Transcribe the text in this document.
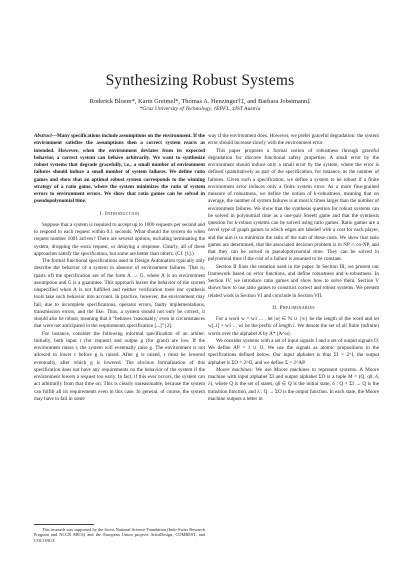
Synthesizing Robust Systems
Roderick Bloem*, Karin Greimel*, Thomas A. Henzinger†‡, and Barbara Jobstmann‡
*Graz University of Technology, †EPFL, ‡IST Austria

Abstract—Many specifications include assumptions on the environment. If the environment satisfies the assumptions then a correct system reacts as intended. However, when the environment deviates from its expected behavior, a correct system can behave arbitrarily. We want to synthesize robust systems that degrade gracefully, i.e., a small number of environment failures should induce a small number of system failures. We define ratio games and show that an optimal robust system corresponds to the winning strategy of a ratio game, where the system minimizes the ratio of system errors to environment errors. We show that ratio games can be solved in pseudopolynomial time.

I. Introduction

Suppose that a system is required to accept up to 1000 requests per second and to respond to each request within 0.1 seconds. What should the system do when request number 1001 arrives? There are several options, including terminating the system, dropping the extra request, or delaying a response. Clearly, all of these approaches satisfy the specification, but some are better than others. (Cf. [1].)

The formal functional specifications used in Design Automation typically only describe the behavior of a system in absence of environment failures. That is, (parts of) the specification are of the form A → G, where A is an environment assumption and G is a guarantee. This approach leaves the behavior of the system unspecified when A is not fulfilled and neither verification tools nor synthesis tools take such behavior into account. In practice, however, the environment may fail, due to incomplete specifications, operator errors, faulty implementations, transmission errors, and the like. Thus, a system should not only be correct, it should also be robust, meaning that it "behaves 'reasonably,' even in circumstances that were not anticipated in the requirements specification [...]" [2].

For instance, consider the following informal specification of an arbiter. Initially, both input r (for request) and output g (for grant) are low. If the environment raises r, the system will eventually raise g. The environment is not allowed to lower r before g is raised. After g is raised, r must be lowered eventually, after which g is lowered. The obvious formalization of this specification does not have any requirements on the behavior of the system if the environment lowers a request too early. In fact, if this ever occurs, the system can act arbitrarily from that time on. This is clearly unreasonable, because the system can fulfill all its requirements even in this case. In general, of course, the system may have to fail in some

This research was supported by the Swiss National Science Foundation (Indo-Swiss Research Program and NCCR MICS) and the European Union projects ArtistDesign, COMBEST, and COCONUT.

way if the environment does. However, we prefer graceful degradation: the system error should increase slowly with the environment error.

This paper proposes a formal notion of robustness through graceful degradation for discrete functional safety properties: A small error by the environment should induce only a small error by the system, where the error is defined quantitatively as part of the specification, for instance, as the number of failures. Given such a specification, we define a system to be robust if a finite environment error induces only a finite system error. As a more fine-grained measure of robustness, we define the notion of k-robustness, meaning that on average, the number of system failures is at most k times larger than the number of environment failures. We show that the synthesis question for robust systems can be solved in polynomial time as a one-pair Streett game and that the synthesis question for k-robust systems can be solved using ratio games. Ratio games are a novel type of graph games in which edges are labeled with a cost for each player, and the aim is to minimize the ratio of the sum of these costs. We show that ratio games are determined, that the associated decision problem is in NP ∩ co-NP, and that they can be solved in pseudopolynomial time. They can be solved in polynomial time if the cost of a failure is assumed to be constant.

Section II fixes the notation used in the paper. In Section III, we present our framework based on error functions, and define robustness and k-robustness. In Section IV, we introduce ratio games and show how to solve them. Section V shows how to use ratio games to construct correct and robust systems. We present related work in Section VI and conclude in Section VII.

II. Preliminaries

For a word w = w1 ... , let |w| ∈ ℕ ∪ {∞} be the length of the word and let w[..i] = w1 ... wi be the prefix of length i. We denote the set of all finite (infinite) words over the alphabet A by A* (A^ω).

We consider systems with a set of input signals I and a set of output signals O. We define AP = I ∪ O. We use the signals as atomic propositions in the specifications defined below. Our input alphabet is thus ΣI = 2^I, the output alphabet is ΣO = 2^O, and we define Σ = 2^AP.

Moore machines: We use Moore machines to represent systems. A Moore machine with input alphabet ΣI and output alphabet ΣO is a tuple M = (Q, q0, δ, λ), where Q is the set of states, q0 ∈ Q is the initial state, δ : Q × ΣI → Q is the transition function, and λ : Q → ΣO is the output function. In each state, the Moore machine outputs a letter in
